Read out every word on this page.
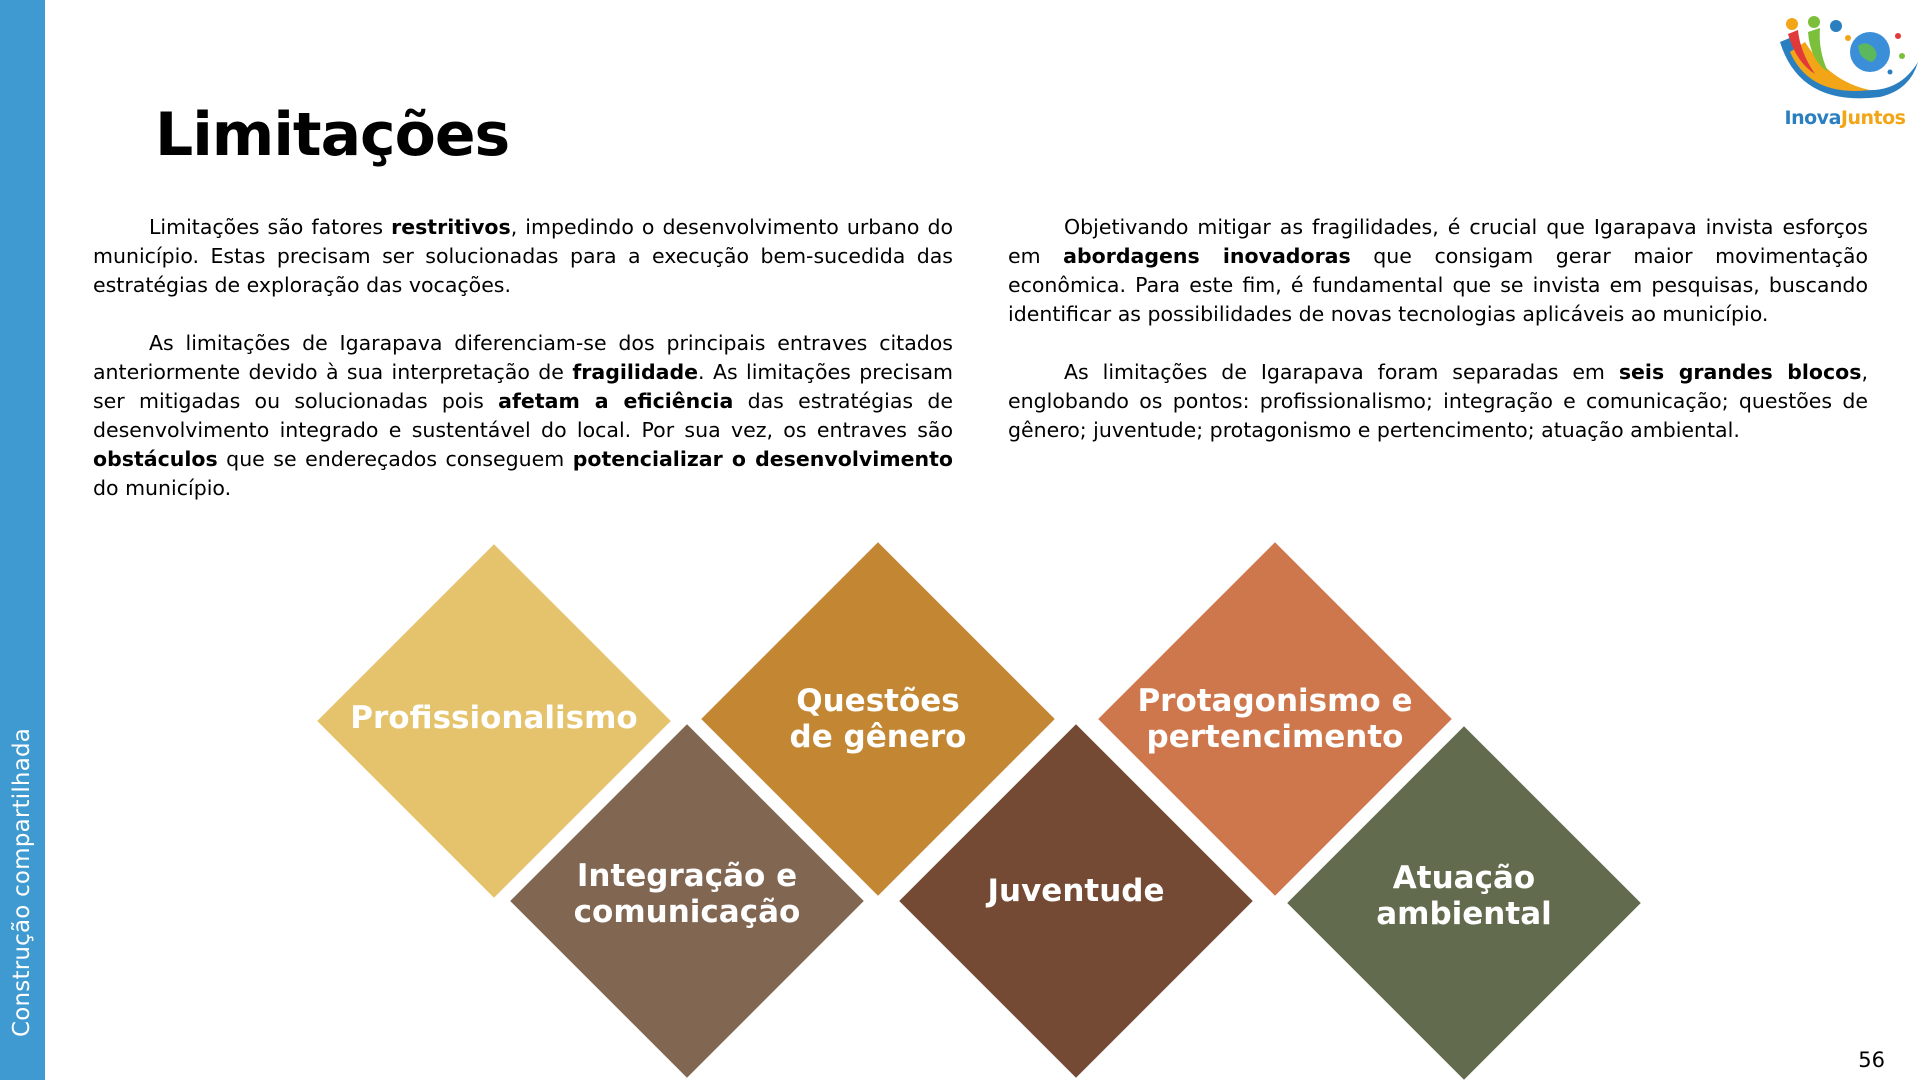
Construção compartilhada
Limitações	InovaJuntos

Limitações são fatores restritivos, impedindo o desenvolvimento urbano do município. Estas precisam ser solucionadas para a execução bem-sucedida das estratégias de exploração das vocações.

As limitações de Igarapava diferenciam-se dos principais entraves citados anteriormente devido à sua interpretação de fragilidade. As limitações precisam ser mitigadas ou solucionadas pois afetam a eficiência das estratégias de desenvolvimento integrado e sustentável do local. Por sua vez, os entraves são obstáculos que se endereçados conseguem potencializar o desenvolvimento do município.

Objetivando mitigar as fragilidades, é crucial que Igarapava invista esforços em abordagens inovadoras que consigam gerar maior movimentação econômica. Para este fim, é fundamental que se invista em pesquisas, buscando identificar as possibilidades de novas tecnologias aplicáveis ao município.

As limitações de Igarapava foram separadas em seis grandes blocos, englobando os pontos: profissionalismo; integração e comunicação; questões de gênero; juventude; protagonismo e pertencimento; atuação ambiental.

Profissionalismo
Integração e comunicação
Questões de gênero
Juventude
Protagonismo e pertencimento
Atuação ambiental
56
